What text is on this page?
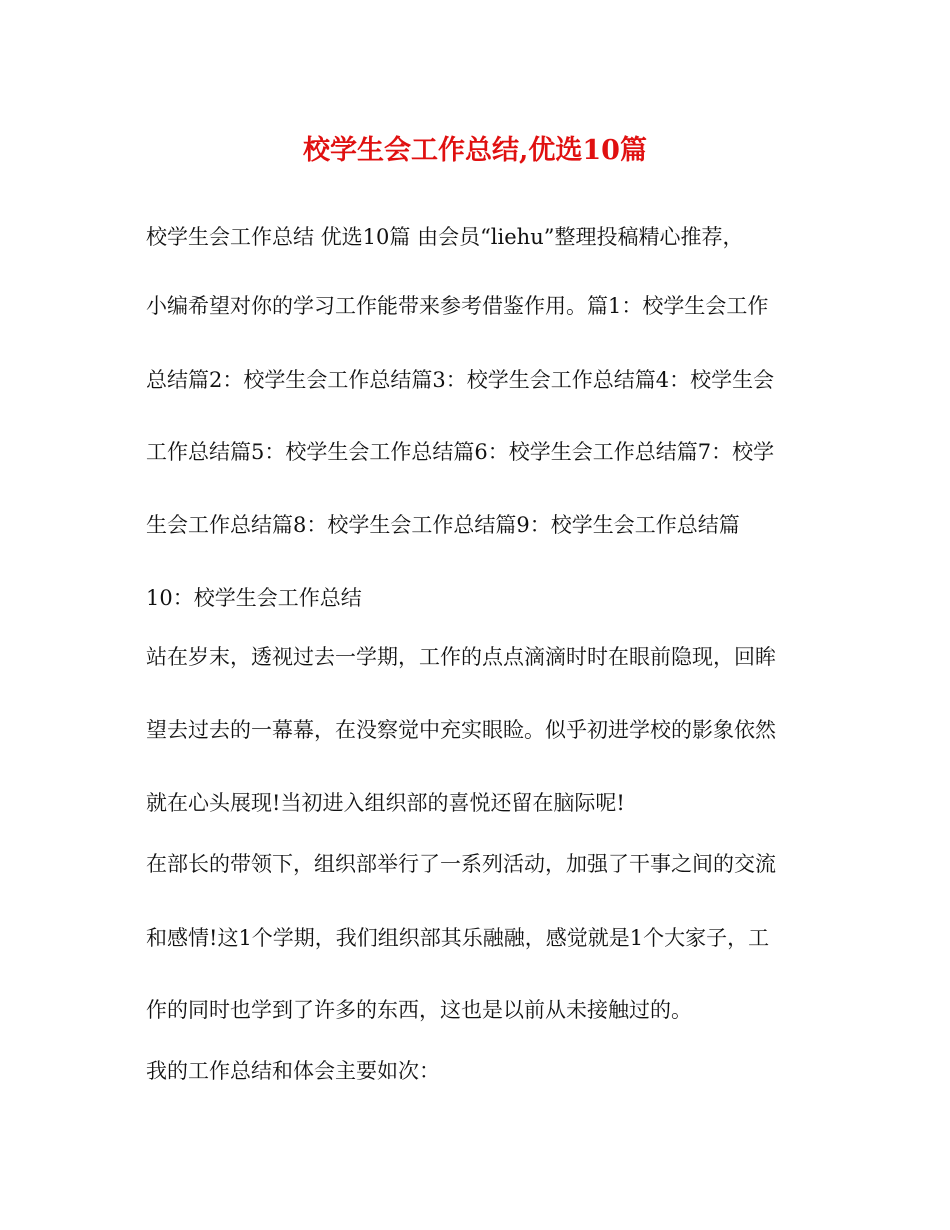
校学生会工作总结,优选10篇
校学生会工作总结 优选10篇 由会员“liehu”整理投稿精心推荐，
小编希望对你的学习工作能带来参考借鉴作用。篇1：校学生会工作
总结篇2：校学生会工作总结篇3：校学生会工作总结篇4：校学生会
工作总结篇5：校学生会工作总结篇6：校学生会工作总结篇7：校学
生会工作总结篇8：校学生会工作总结篇9：校学生会工作总结篇
10：校学生会工作总结
站在岁末，透视过去一学期，工作的点点滴滴时时在眼前隐现，回眸
望去过去的一幕幕，在没察觉中充实眼睑。似乎初进学校的影象依然
就在心头展现!当初进入组织部的喜悦还留在脑际呢!
在部长的带领下，组织部举行了一系列活动，加强了干事之间的交流
和感情!这1个学期，我们组织部其乐融融，感觉就是1个大家子，工
作的同时也学到了许多的东西，这也是以前从未接触过的。
我的工作总结和体会主要如次：
